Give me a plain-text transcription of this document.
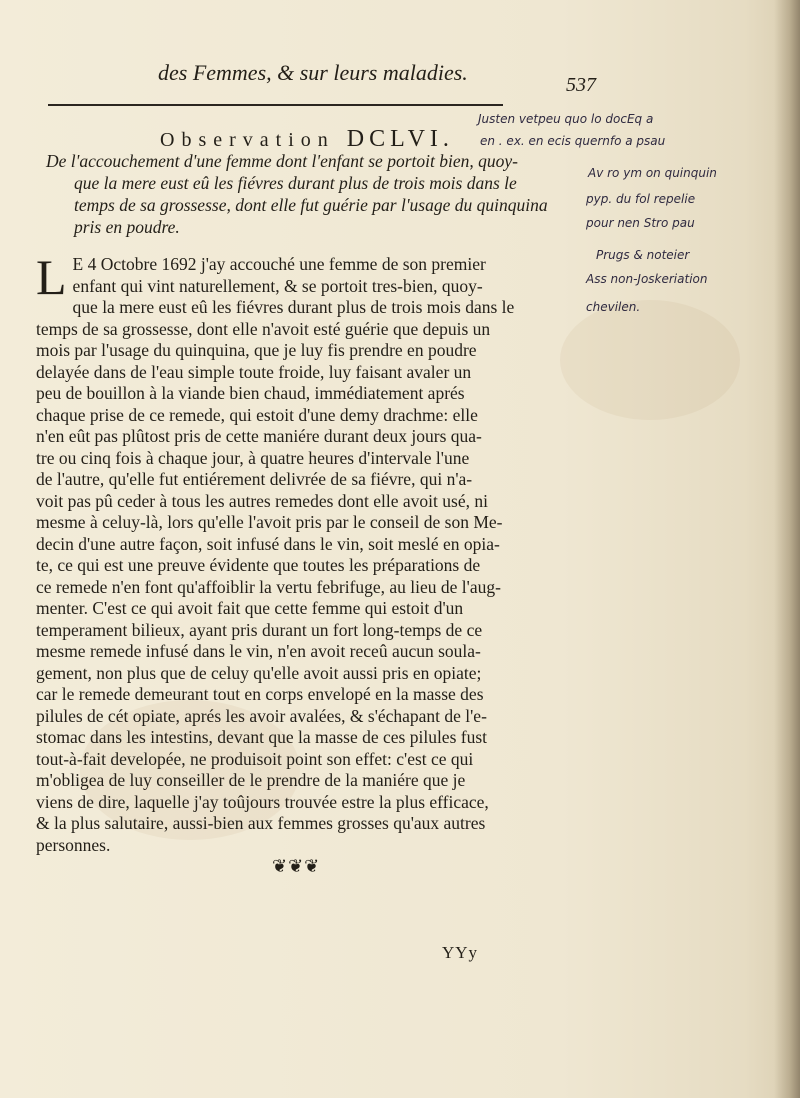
des Femmes, & sur leurs maladies.	537
Observation DCLVI.
De l'accouchement d'une femme dont l'enfant se portoit bien, quoy-
que la mere eust eû les fiévres durant plus de trois mois dans le
temps de sa grossesse, dont elle fut guérie par l'usage du quinquina
pris en poudre.
L E 4 Octobre 1692 j'ay accouché une femme de son premier
enfant qui vint naturellement, & se portoit tres-bien, quoy-
que la mere eust eû les fiévres durant plus de trois mois dans le
temps de sa grossesse, dont elle n'avoit esté guérie que depuis un
mois par l'usage du quinquina, que je luy fis prendre en poudre
delayée dans de l'eau simple toute froide, luy faisant avaler un
peu de bouillon à la viande bien chaud, immédiatement aprés
chaque prise de ce remede, qui estoit d'une demy drachme: elle
n'en eût pas plûtost pris de cette maniére durant deux jours qua-
tre ou cinq fois à chaque jour, à quatre heures d'intervale l'une
de l'autre, qu'elle fut entiérement delivrée de sa fiévre, qui n'a-
voit pas pû ceder à tous les autres remedes dont elle avoit usé, ni
mesme à celuy-là, lors qu'elle l'avoit pris par le conseil de son Me-
decin d'une autre façon, soit infusé dans le vin, soit meslé en opia-
te, ce qui est une preuve évidente que toutes les préparations de
ce remede n'en font qu'affoiblir la vertu febrifuge, au lieu de l'aug-
menter. C'est ce qui avoit fait que cette femme qui estoit d'un
temperament bilieux, ayant pris durant un fort long-temps de ce
mesme remede infusé dans le vin, n'en avoit receû aucun soula-
gement, non plus que de celuy qu'elle avoit aussi pris en opiate;
car le remede demeurant tout en corps envelopé en la masse des
pilules de cét opiate, aprés les avoir avalées, & s'échapant de l'e-
stomac dans les intestins, devant que la masse de ces pilules fust
tout-à-fait developée, ne produisoit point son effet: c'est ce qui
m'obligea de luy conseiller de le prendre de la maniére que je
viens de dire, laquelle j'ay toûjours trouvée estre la plus efficace,
& la plus salutaire, aussi-bien aux femmes grosses qu'aux autres
personnes.
❦❦❦
YYy
Justen vetpeu quo lo docEq a
en . ex. en ecis quernfo a psau
Av ro ym on quinquin
pyp. du fol repelie
pour nen Stro pau
Prugs & noteier
Ass non-Joskeriation
chevilen.
